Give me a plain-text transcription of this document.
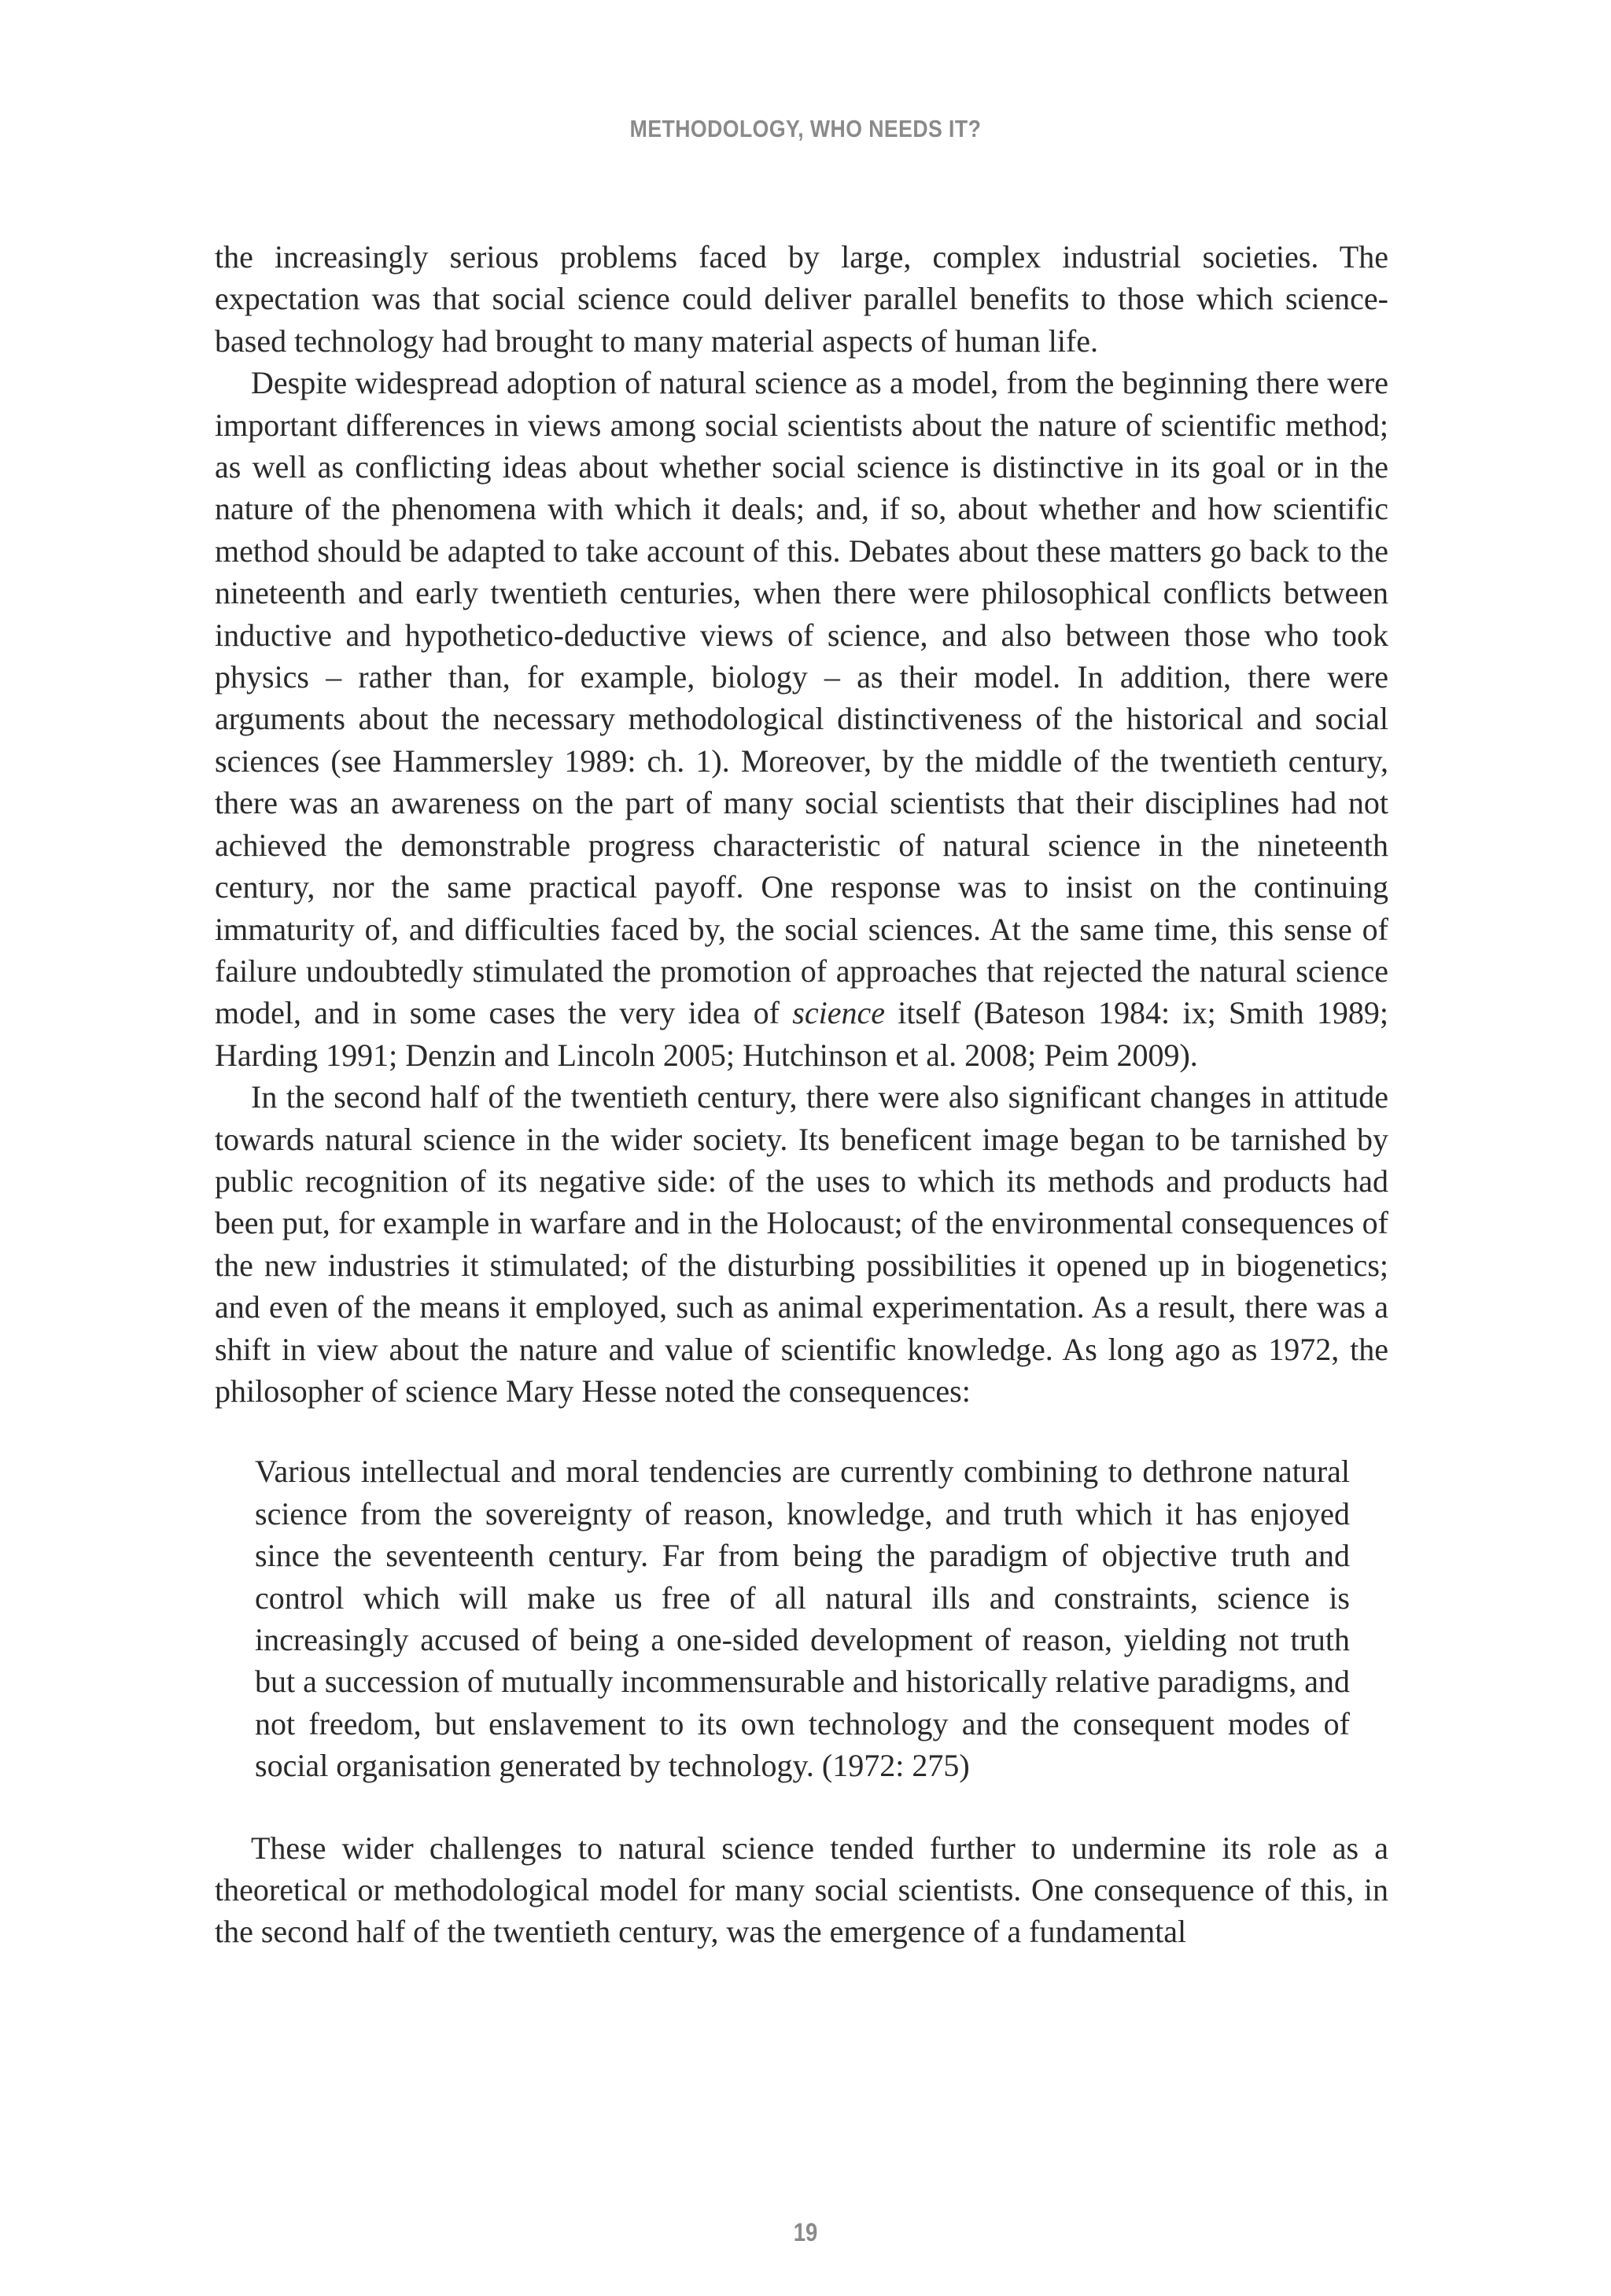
METHODOLOGY, WHO NEEDS IT?

the increasingly serious problems faced by large, complex industrial societies. The expectation was that social science could deliver parallel benefits to those which science-based technology had brought to many material aspects of human life.

Despite widespread adoption of natural science as a model, from the beginning there were important differences in views among social scientists about the nature of scientific method; as well as conflicting ideas about whether social science is distinctive in its goal or in the nature of the phenomena with which it deals; and, if so, about whether and how scientific method should be adapted to take account of this. Debates about these matters go back to the nineteenth and early twentieth centuries, when there were philosophical conflicts between inductive and hypothetico-deductive views of science, and also between those who took physics – rather than, for example, biology – as their model. In addition, there were arguments about the necessary methodological distinctiveness of the historical and social sciences (see Hammersley 1989: ch. 1). Moreover, by the middle of the twentieth century, there was an awareness on the part of many social scientists that their disciplines had not achieved the demonstrable progress characteristic of natural science in the nineteenth century, nor the same practical payoff. One response was to insist on the continuing immaturity of, and difficulties faced by, the social sciences. At the same time, this sense of failure undoubtedly stimulated the promotion of approaches that rejected the natural science model, and in some cases the very idea of science itself (Bateson 1984: ix; Smith 1989; Harding 1991; Denzin and Lincoln 2005; Hutchinson et al. 2008; Peim 2009).

In the second half of the twentieth century, there were also significant changes in attitude towards natural science in the wider society. Its beneficent image began to be tarnished by public recognition of its negative side: of the uses to which its methods and products had been put, for example in warfare and in the Holocaust; of the environmental consequences of the new industries it stimulated; of the disturbing possibilities it opened up in biogenetics; and even of the means it employed, such as animal experimentation. As a result, there was a shift in view about the nature and value of scientific knowledge. As long ago as 1972, the philosopher of science Mary Hesse noted the consequences:

Various intellectual and moral tendencies are currently combining to dethrone natural science from the sovereignty of reason, knowledge, and truth which it has enjoyed since the seventeenth century. Far from being the paradigm of objective truth and control which will make us free of all natural ills and constraints, science is increasingly accused of being a one-sided development of reason, yielding not truth but a succession of mutually incommensurable and historically relative paradigms, and not freedom, but enslavement to its own technology and the consequent modes of social organisation generated by technology. (1972: 275)

These wider challenges to natural science tended further to undermine its role as a theoretical or methodological model for many social scientists. One consequence of this, in the second half of the twentieth century, was the emergence of a fundamental

19
